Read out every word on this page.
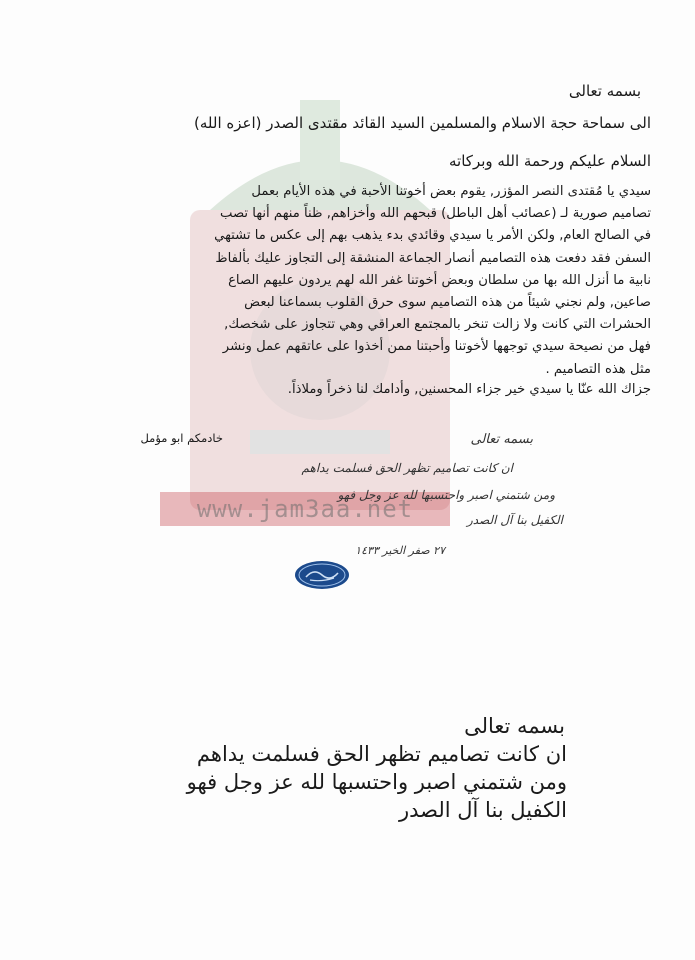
www.jam3aa.net
بسمه تعالى
الى سماحة حجة الاسلام والمسلمين السيد القائد مقتدى الصدر (اعزه الله)
السلام عليكم ورحمة الله وبركاته

سيدي يا مُقتدى النصر المؤزر, يقوم بعض أخوتنا الأحبة في هذه الأيام بعمل

تصاميم صورية لـ (عصائب أهل الباطل) قبحهم الله وأخزاهم, ظناً منهم أنها تصب

في الصالح العام, ولكن الأمر يا سيدي وقائدي بدء يذهب بهم إلى عكس ما تشتهي

السفن فقد دفعت هذه التصاميم أنصار الجماعة المنشقة إلى التجاوز عليك بألفاظ

نابية ما أنزل الله بها من سلطان وبعض أخوتنا غفر الله لهم يردون عليهم الصاع

صاعين, ولم نجني شيئاً من هذه التصاميم سوى حرق القلوب بسماعنا لبعض

الحشرات التي كانت ولا زالت تنخر بالمجتمع العراقي وهي تتجاوز على شخصك,

فهل من نصيحة سيدي توجهها لأخوتنا وأحبتنا ممن أخذوا على عاتقهم عمل ونشر

مثل هذه التصاميم .

جزاك الله عنّا يا سيدي خير جزاء المحسنين, وأدامك لنا ذخراً وملاذاً.
خادمكم ابو مؤمل	بسمه تعالى
ان كانت تصاميم تظهر الحق فسلمت يداهم
ومن شتمني اصبر واحتسبها لله عز وجل فهو
الكفيل بنا آل الصدر
٢٧ صفر الخير ١٤٣٣

بسمه تعالى

ان كانت تصاميم تظهر الحق فسلمت يداهم

ومن شتمني اصبر واحتسبها لله عز وجل فهو

الكفيل بنا آل الصدر
